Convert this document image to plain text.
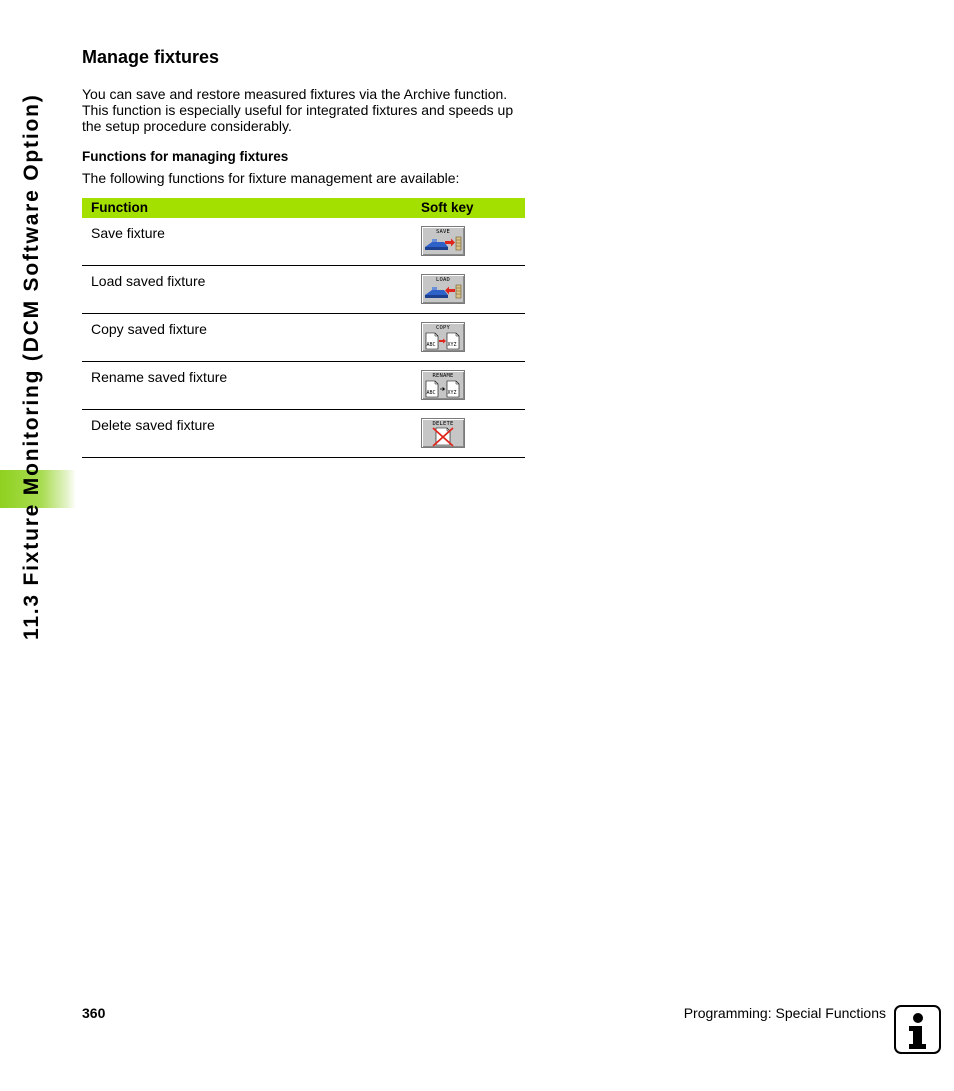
11.3 Fixture Monitoring (DCM Software Option)
Manage fixtures
You can save and restore measured fixtures via the Archive function. This function is especially useful for integrated fixtures and speeds up the setup procedure considerably.
Functions for managing fixtures
The following functions for fixture management are available:
Function	Soft key
Save fixture	SAVE
Load saved fixture	LOAD
Copy saved fixture	COPY
ABC XYZ
Rename saved fixture	RENAME
ABC XYZ
Delete saved fixture	DELETE
360	Programming: Special Functions
